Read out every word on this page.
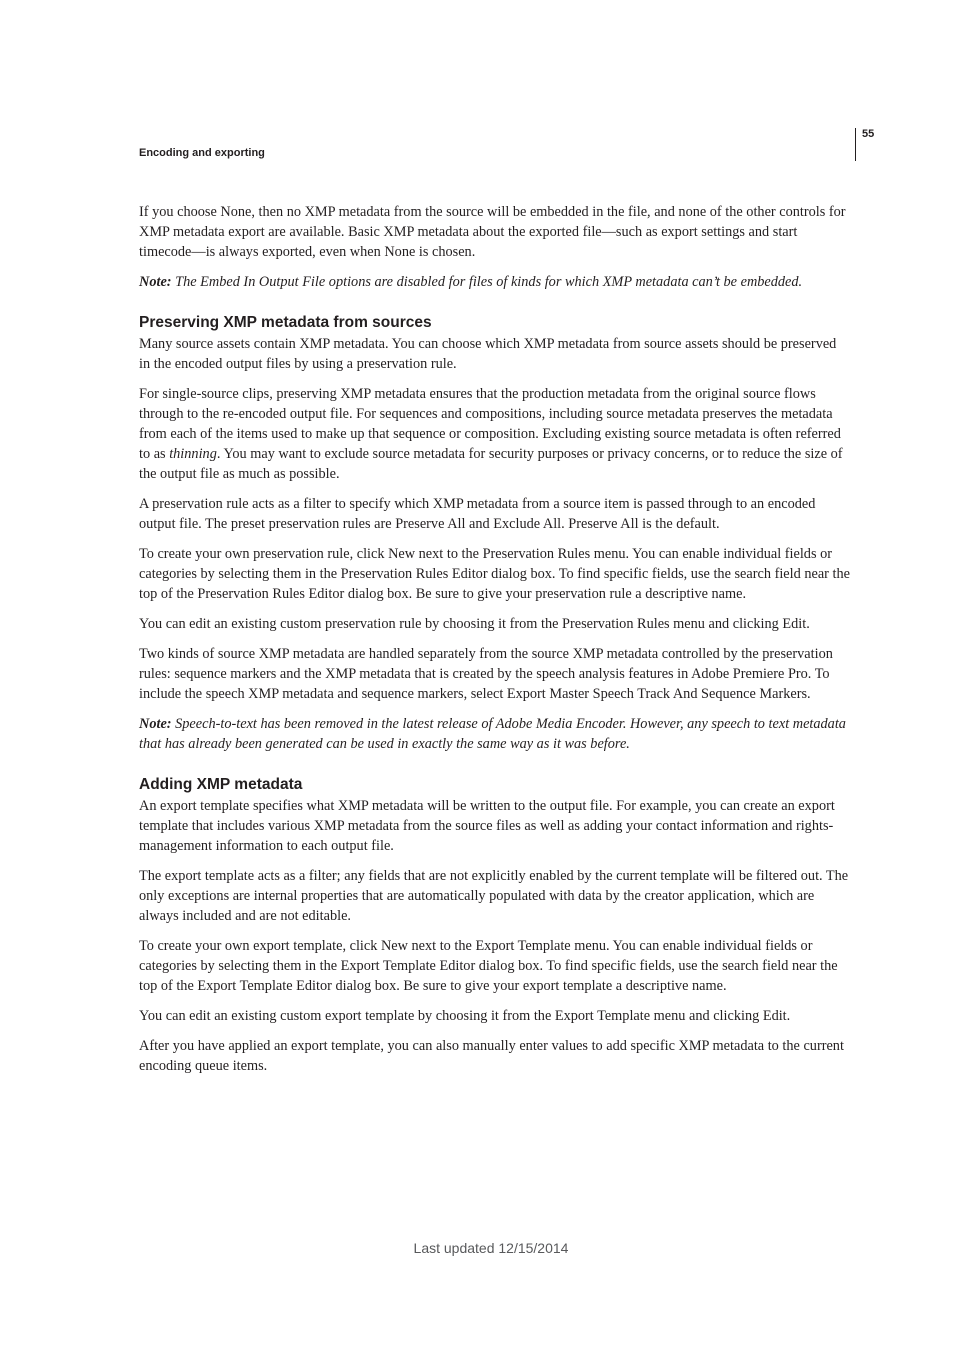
55
Encoding and exporting

If you choose None, then no XMP metadata from the source will be embedded in the file, and none of the other controls for XMP metadata export are available. Basic XMP metadata about the exported file—such as export settings and start timecode—is always exported, even when None is chosen.

Note: The Embed In Output File options are disabled for files of kinds for which XMP metadata can’t be embedded.

Preserving XMP metadata from sources

Many source assets contain XMP metadata. You can choose which XMP metadata from source assets should be preserved in the encoded output files by using a preservation rule.

For single-source clips, preserving XMP metadata ensures that the production metadata from the original source flows through to the re-encoded output file. For sequences and compositions, including source metadata preserves the metadata from each of the items used to make up that sequence or composition. Excluding existing source metadata is often referred to as thinning. You may want to exclude source metadata for security purposes or privacy concerns, or to reduce the size of the output file as much as possible.

A preservation rule acts as a filter to specify which XMP metadata from a source item is passed through to an encoded output file. The preset preservation rules are Preserve All and Exclude All. Preserve All is the default.

To create your own preservation rule, click New next to the Preservation Rules menu. You can enable individual fields or categories by selecting them in the Preservation Rules Editor dialog box. To find specific fields, use the search field near the top of the Preservation Rules Editor dialog box. Be sure to give your preservation rule a descriptive name.

You can edit an existing custom preservation rule by choosing it from the Preservation Rules menu and clicking Edit.

Two kinds of source XMP metadata are handled separately from the source XMP metadata controlled by the preservation rules: sequence markers and the XMP metadata that is created by the speech analysis features in Adobe Premiere Pro. To include the speech XMP metadata and sequence markers, select Export Master Speech Track And Sequence Markers.

Note: Speech-to-text has been removed in the latest release of Adobe Media Encoder. However, any speech to text metadata that has already been generated can be used in exactly the same way as it was before.

Adding XMP metadata

An export template specifies what XMP metadata will be written to the output file. For example, you can create an export template that includes various XMP metadata from the source files as well as adding your contact information and rights-management information to each output file.

The export template acts as a filter; any fields that are not explicitly enabled by the current template will be filtered out. The only exceptions are internal properties that are automatically populated with data by the creator application, which are always included and are not editable.

To create your own export template, click New next to the Export Template menu. You can enable individual fields or categories by selecting them in the Export Template Editor dialog box. To find specific fields, use the search field near the top of the Export Template Editor dialog box. Be sure to give your export template a descriptive name.

You can edit an existing custom export template by choosing it from the Export Template menu and clicking Edit.

After you have applied an export template, you can also manually enter values to add specific XMP metadata to the current encoding queue items.

Last updated 12/15/2014
